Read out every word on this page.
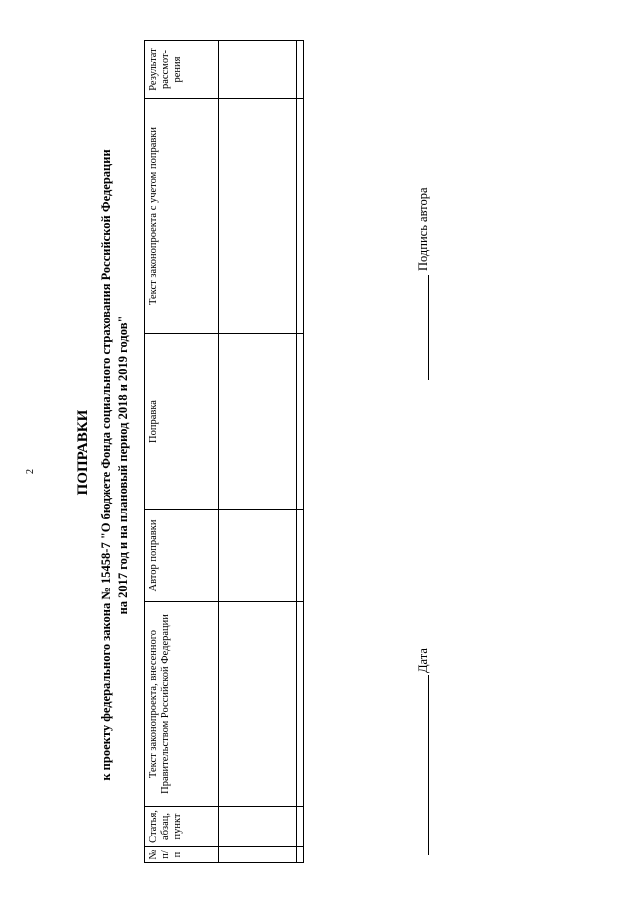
2	ПОПРАВКИ к проекту федерального закона № 15458-7 "О бюджете Фонда социального страхования Российской Федерации на 2017 год и на плановый период 2018 и 2019 годов"
№ п/п	Статья, абзац, пункт	Текст законопроекта, внесенного Правительством Российской Федерации	Автор поправки	Поправка	Текст законопроекта с учетом поправки	Результат рассмот-рения

Дата
Подпись автора
